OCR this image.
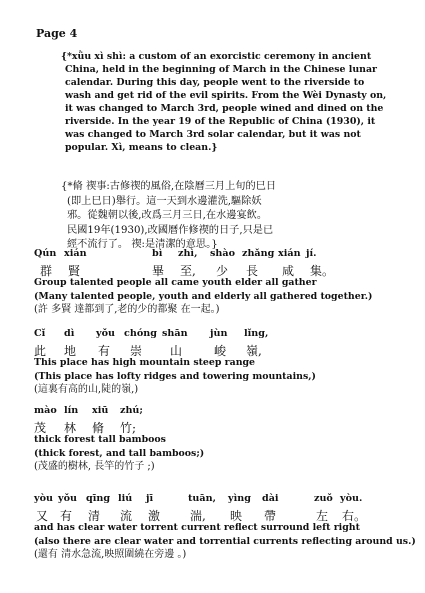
Page 4
{*xǜu xì shì: a custom of an exorcistic ceremony in ancient
China, held in the beginning of March in the Chinese lunar
calendar. During this day, people went to the riverside to
wash and get rid of the evil spirits. From the Wèi Dynasty on,
it was changed to March 3rd, people wined and dined on the
riverside. In the year 19 of the Republic of China (1930), it
was changed to March 3rd solar calendar, but it was not
popular. Xì, means to clean.}
{*脩 禊事:古修禊的風俗,在陰曆三月上旬的巳日
(即上巳日)舉行。這一天到水邊灌洗,驅除妖
邪。從魏朝以後,改爲三月三日,在水邊宴飲。
民國19年(1930),改國曆作修禊的日子,只是已
經不流行了。 禊:是清潔的意思。}
Qún xián	bì zhì, shào zhǎng xián jí.
群 賢	畢 至, 少 長 咸 集。
Group talented people all came youth elder all gather
(Many talented people, youth and elderly all gathered together.)
(許 多賢 達都到了,老的少的都聚 在一起。)
Cǐ dì yǒu chóng shān jùn lǐng,
此 地 有 崇 山	峻 嶺,
This place has high mountain steep range
(This place has lofty ridges and towering mountains,)
(這裏有高的山,陡的嶺,)
mào lín xiū zhú;
茂 林 脩 竹;
thick forest tall bamboos
(thick forest, and tall bamboos;)
(茂盛的樹林, 長竿的竹子 ;)
yòu yǒu qīng liú jī	tuān, yìng dài	zuǒ yòu.
又 有 清 流 激 湍, 映 帶	左 右。
and has clear water torrent current reflect surround left right
(also there are clear water and torrential currents reflecting around us.)
(還有 清水急流,映照圍繞在旁邊 。)
